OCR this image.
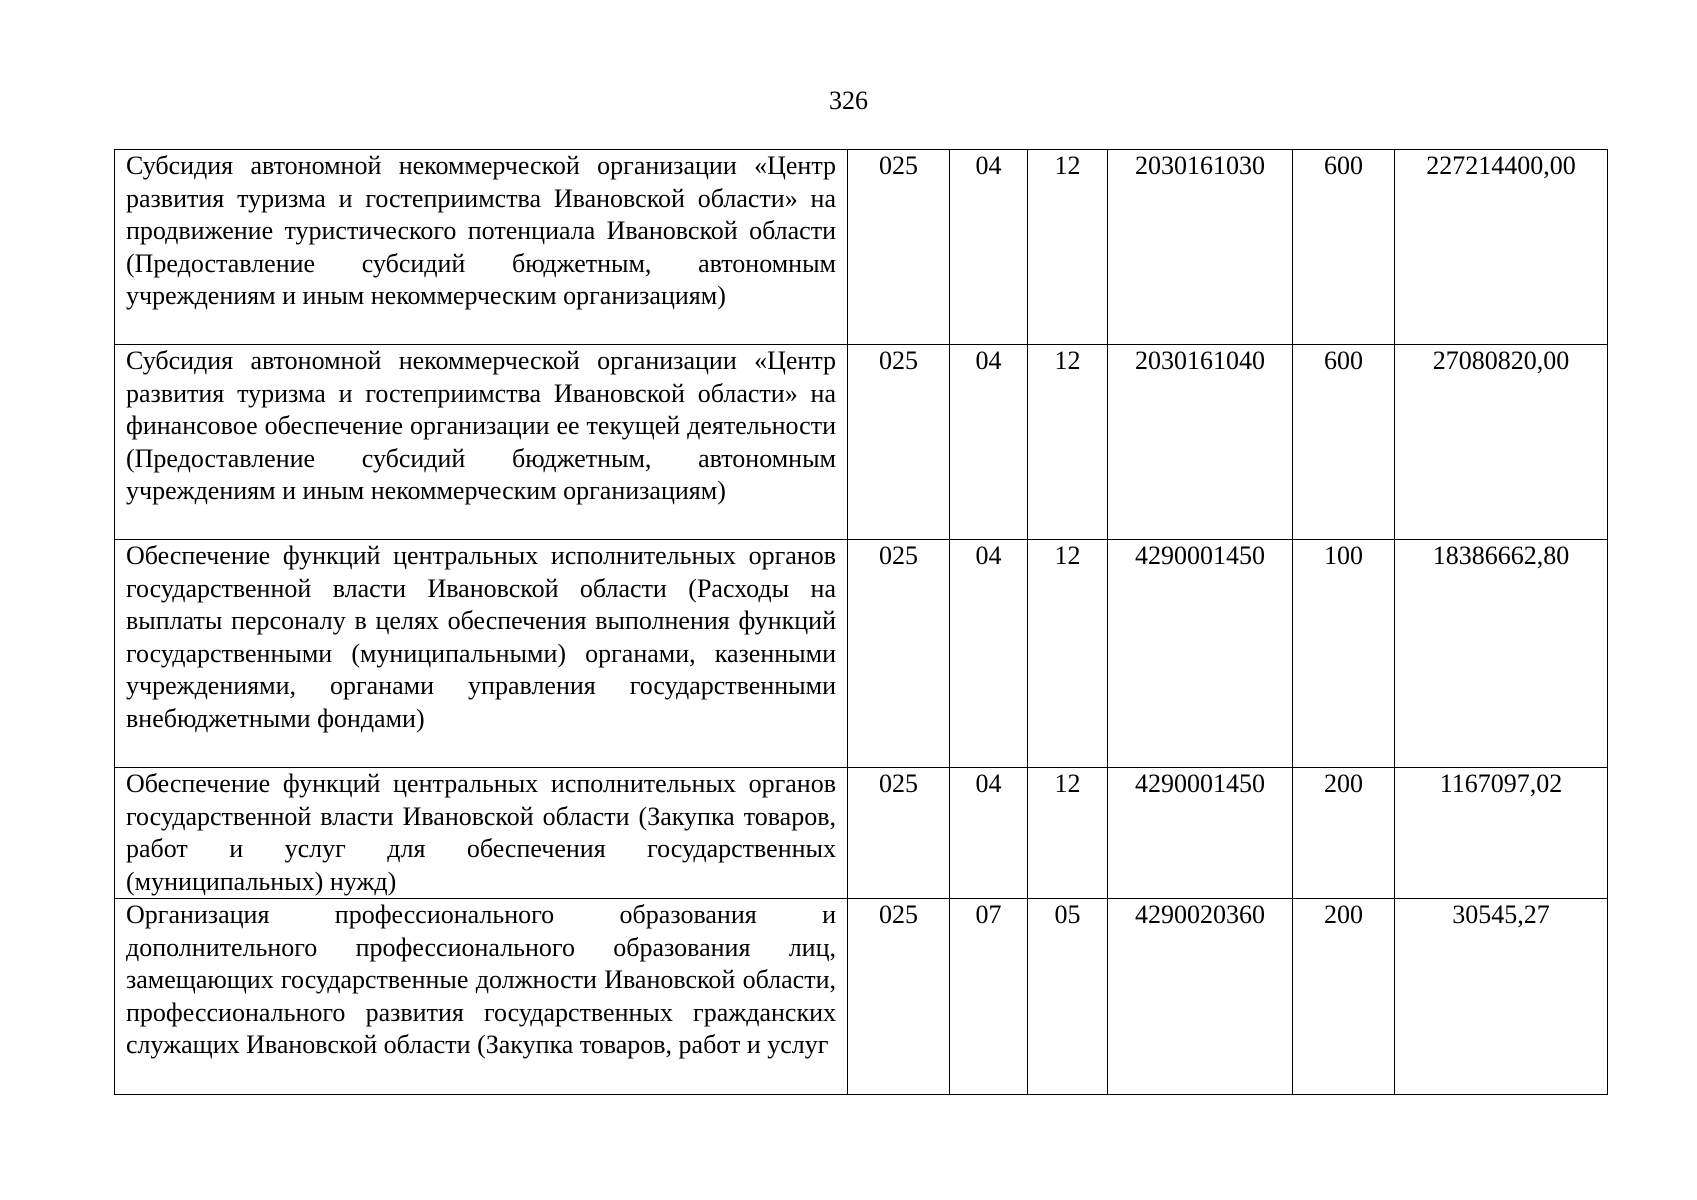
326
Субсидия автономной некоммерческой организации «Центр развития туризма и гостеприимства Ивановской области» на продвижение туристического потенциала Ивановской области (Предоставление субсидий бюджетным, автономным учреждениям и иным некоммерческим организациям)	025	04	12	2030161030	600	227214400,00
Субсидия автономной некоммерческой организации «Центр развития туризма и гостеприимства Ивановской области» на финансовое обеспечение организации ее текущей деятельности (Предоставление субсидий бюджетным, автономным учреждениям и иным некоммерческим организациям)	025	04	12	2030161040	600	27080820,00
Обеспечение функций центральных исполнительных органов государственной власти Ивановской области (Расходы на выплаты персоналу в целях обеспечения выполнения функций государственными (муниципальными) органами, казенными учреждениями, органами управления государственными внебюджетными фондами)	025	04	12	4290001450	100	18386662,80
Обеспечение функций центральных исполнительных органов государственной власти Ивановской области (Закупка товаров, работ и услуг для обеспечения государственных (муниципальных) нужд)	025	04	12	4290001450	200	1167097,02
Организация профессионального образования и дополнительного профессионального образования лиц, замещающих государственные должности Ивановской области, профессионального развития государственных гражданских служащих Ивановской области (Закупка товаров, работ и услуг	025	07	05	4290020360	200	30545,27
